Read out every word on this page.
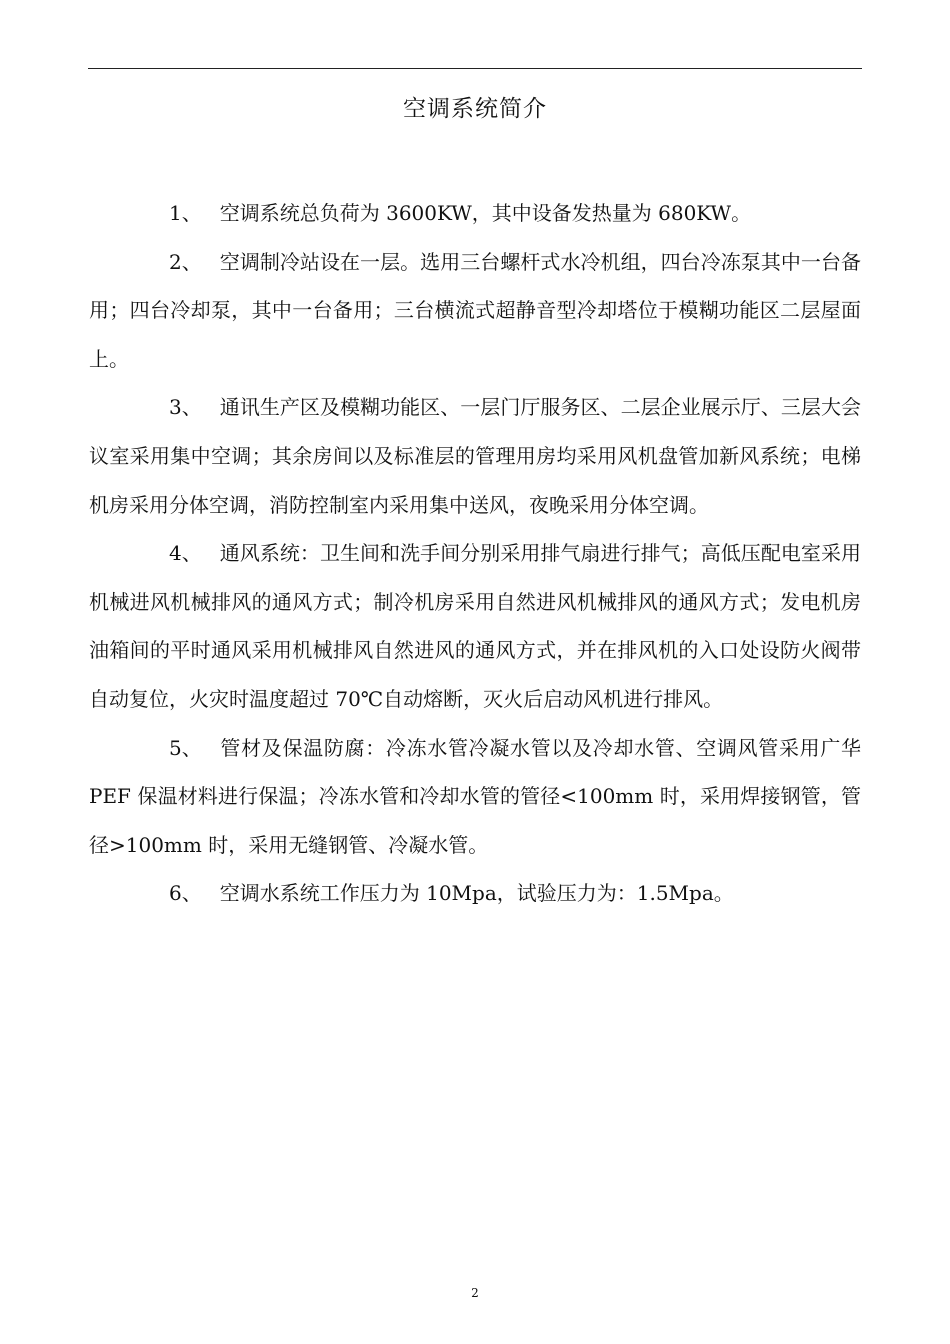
空调系统简介

1、 空调系统总负荷为 3600KW，其中设备发热量为 680KW。

2、 空调制冷站设在一层。选用三台螺杆式水冷机组，四台冷冻泵其中一台备用；四台冷却泵，其中一台备用；三台横流式超静音型冷却塔位于模糊功能区二层屋面上。

3、 通讯生产区及模糊功能区、一层门厅服务区、二层企业展示厅、三层大会议室采用集中空调；其余房间以及标准层的管理用房均采用风机盘管加新风系统；电梯机房采用分体空调，消防控制室内采用集中送风，夜晚采用分体空调。

4、 通风系统：卫生间和洗手间分别采用排气扇进行排气；高低压配电室采用机械进风机械排风的通风方式；制冷机房采用自然进风机械排风的通风方式；发电机房油箱间的平时通风采用机械排风自然进风的通风方式，并在排风机的入口处设防火阀带自动复位，火灾时温度超过 70℃自动熔断，灭火后启动风机进行排风。

5、 管材及保温防腐：冷冻水管冷凝水管以及冷却水管、空调风管采用广华 PEF 保温材料进行保温；冷冻水管和冷却水管的管径<100mm 时，采用焊接钢管，管径>100mm 时，采用无缝钢管、冷凝水管。

6、 空调水系统工作压力为 10Mpa，试验压力为：1.5Mpa。

2
